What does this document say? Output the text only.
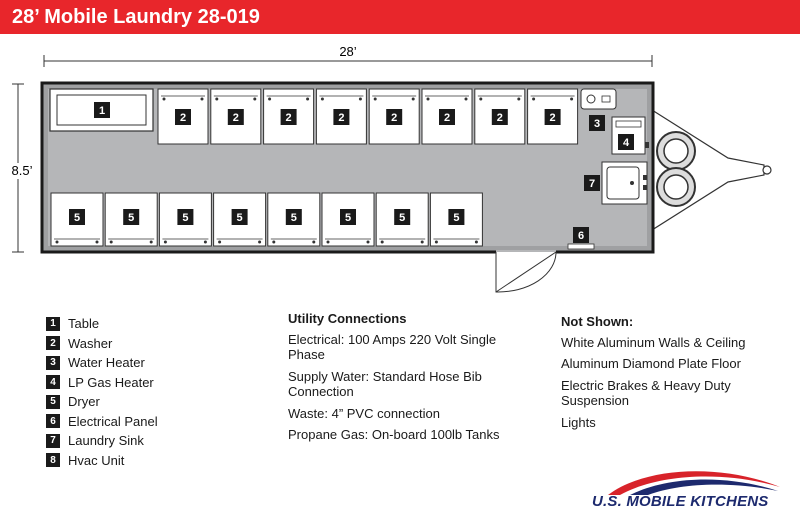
28’ Mobile Laundry 28-019
28’
8.5’
1
2	2	2	2	2	2	2	2
5	5	5	5	5	5	5	5
3
4
7
6
1 Table
2 Washer
3 Water Heater
4 LP Gas Heater
5 Dryer
6 Electrical Panel
7 Laundry Sink
8 Hvac Unit
Utility Connections

Electrical: 100 Amps 220 Volt Single Phase

Supply Water: Standard Hose Bib Connection

Waste: 4” PVC connection

Propane Gas: On-board 100lb Tanks

Not Shown:

White Aluminum Walls & Ceiling

Aluminum Diamond Plate Floor

Electric Brakes & Heavy Duty Suspension

Lights

U.S. MOBILE KITCHENS
